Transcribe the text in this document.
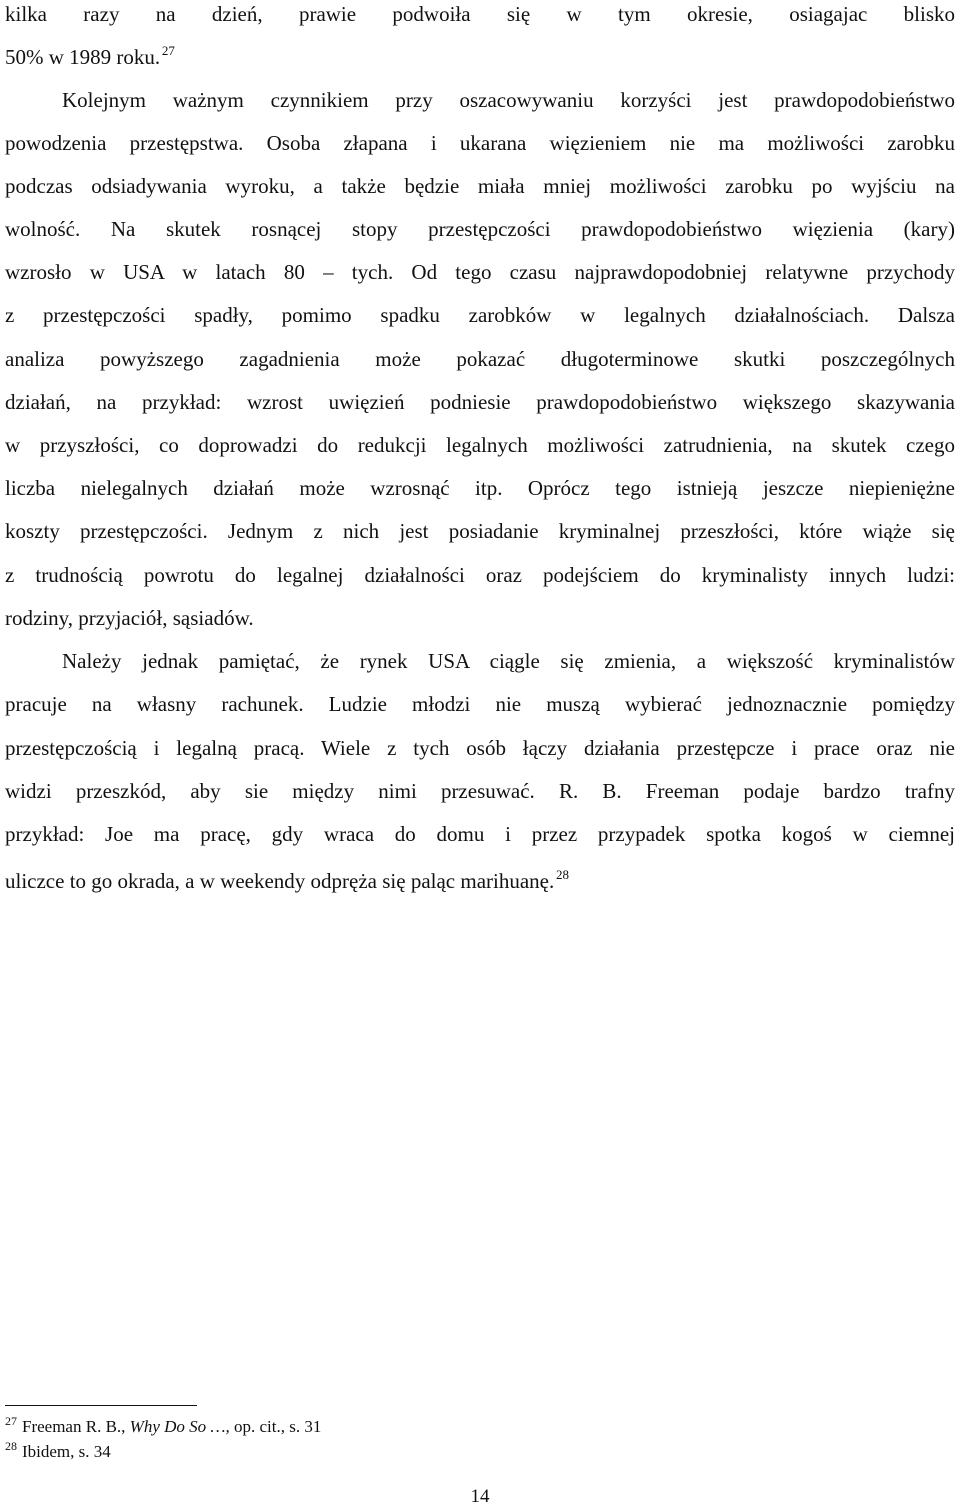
kilka razy na dzień, prawie podwoiła się w tym okresie, osiagajac blisko
50% w 1989 roku.  $^{27}$
Kolejnym ważnym czynnikiem przy oszacowywaniu korzyści jest prawdopodobieństwo
powodzenia przestępstwa. Osoba złapana i ukarana więzieniem nie ma możliwości zarobku
podczas odsiadywania wyroku, a także będzie miała mniej możliwości zarobku po wyjściu na
wolność. Na skutek rosnącej stopy przestępczości prawdopodobieństwo więzienia (kary)
wzrosło w USA w latach 80 – tych. Od tego czasu najprawdopodobniej relatywne przychody
z przestępczości spadły, pomimo spadku zarobków w legalnych działalnościach. Dalsza
analiza powyższego zagadnienia może pokazać długoterminowe skutki poszczególnych
działań, na przykład: wzrost uwięzień podniesie prawdopodobieństwo większego skazywania
w przyszłości, co doprowadzi do redukcji legalnych możliwości zatrudnienia, na skutek czego
liczba nielegalnych działań może wzrosnąć itp. Oprócz tego istnieją jeszcze niepieniężne
koszty przestępczości. Jednym z nich jest posiadanie kryminalnej przeszłości, które wiąże się
z trudnością powrotu do legalnej działalności oraz podejściem do kryminalisty innych ludzi:
rodziny, przyjaciół, sąsiadów.
Należy jednak pamiętać, że rynek USA ciągle się zmienia, a większość kryminalistów
pracuje na własny rachunek. Ludzie młodzi nie muszą wybierać jednoznacznie pomiędzy
przestępczością i legalną pracą. Wiele z tych osób łączy działania przestępcze i prace oraz nie
widzi przeszkód, aby sie między nimi przesuwać. R. B. Freeman podaje bardzo trafny
przykład: Joe ma pracę, gdy wraca do domu i przez przypadek spotka kogoś w ciemnej
uliczce to go okrada, a w weekendy odpręża się paląc marihuanę.  $^{28}$
$^{27}$ Freeman R. B., Why Do So …, op. cit., s. 31
$^{28}$ Ibidem, s. 34
14
